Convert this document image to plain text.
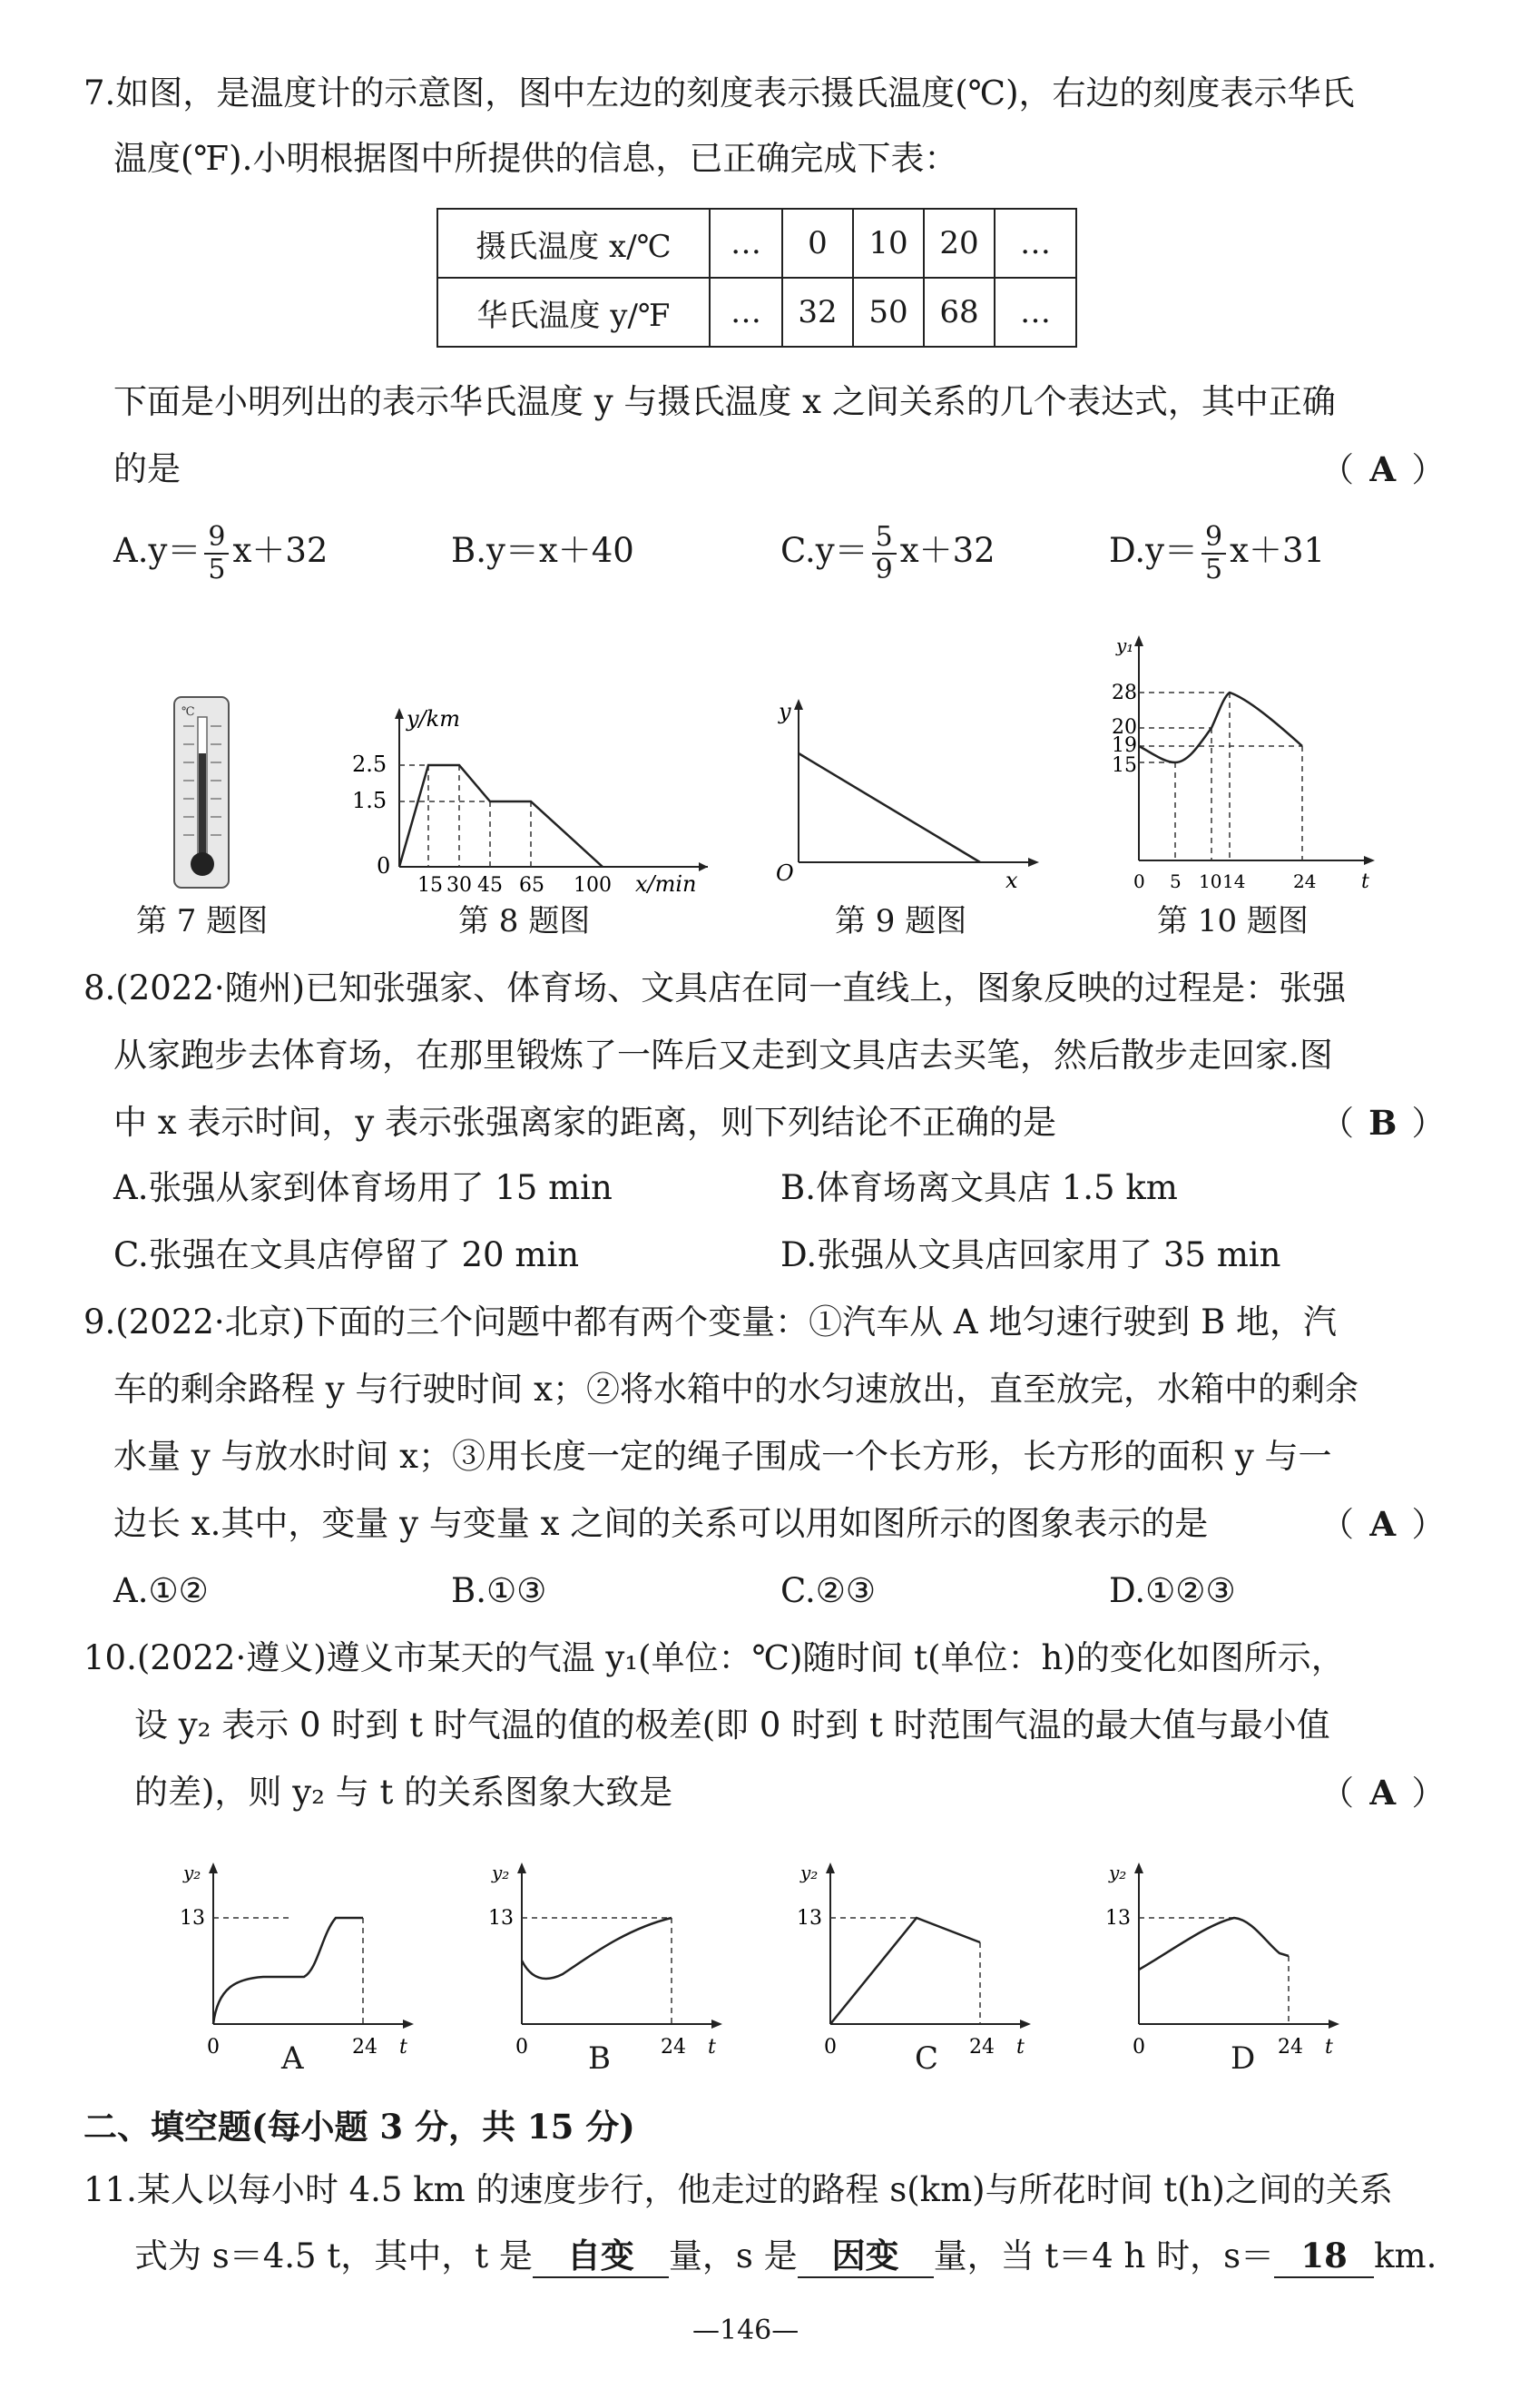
7.如图，是温度计的示意图，图中左边的刻度表示摄氏温度(℃)，右边的刻度表示华氏
温度(℉).小明根据图中所提供的信息，已正确完成下表：
摄氏温度 x/℃	…	0	10	20	…
华氏温度 y/℉	…	32	50	68	…
下面是小明列出的表示华氏温度 y 与摄氏温度 x 之间关系的几个表达式，其中正确
的是	（ A ）
$A.y= \frac{9}{5} x+32$	B.y＝x＋40	$C.y= \frac{5}{9} x+32$	$D.y= \frac{9}{5} x+31$
℃
第 7 题图
y/km
x/min
0
2.5
1.5
15 30 45 65 100
第 8 题图
y
x
O
第 9 题图
y₁
t
28
20
19
15
0 5 10 14	24
第 10 题图
8.(2022·随州)已知张强家、体育场、文具店在同一直线上，图象反映的过程是：张强
从家跑步去体育场，在那里锻炼了一阵后又走到文具店去买笔，然后散步走回家.图
中 x 表示时间，y 表示张强离家的距离，则下列结论不正确的是	（ B ）
A.张强从家到体育场用了 15 min	B.体育场离文具店 1.5 km
C.张强在文具店停留了 20 min	D.张强从文具店回家用了 35 min
9.(2022·北京)下面的三个问题中都有两个变量：①汽车从 A 地匀速行驶到 B 地，汽
车的剩余路程 y 与行驶时间 x；②将水箱中的水匀速放出，直至放完，水箱中的剩余
水量 y 与放水时间 x；③用长度一定的绳子围成一个长方形，长方形的面积 y 与一
边长 x.其中，变量 y 与变量 x 之间的关系可以用如图所示的图象表示的是	（ A ）
A.①②	B.①③	C.②③	D.①②③
10.(2022·遵义)遵义市某天的气温 y₁(单位：℃)随时间 t(单位：h)的变化如图所示，
设 y₂ 表示 0 时到 t 时气温的值的极差(即 0 时到 t 时范围气温的最大值与最小值
的差)，则 y₂ 与 t 的关系图象大致是	（ A ）
y₂
13
0	24 t
A
y₂
13
0	24 t
B
y₂
13
0	24 t
C
y₂
13
0	24 t
D
二、填空题(每小题 3 分，共 15 分)
11.某人以每小时 4.5 km 的速度步行，他走过的路程 s(km)与所花时间 t(h)之间的关系
式为 s＝4.5 t，其中，t 是 自变 量，s 是 因变 量，当 t＝4 h 时，s＝ 18 km.
—146—
